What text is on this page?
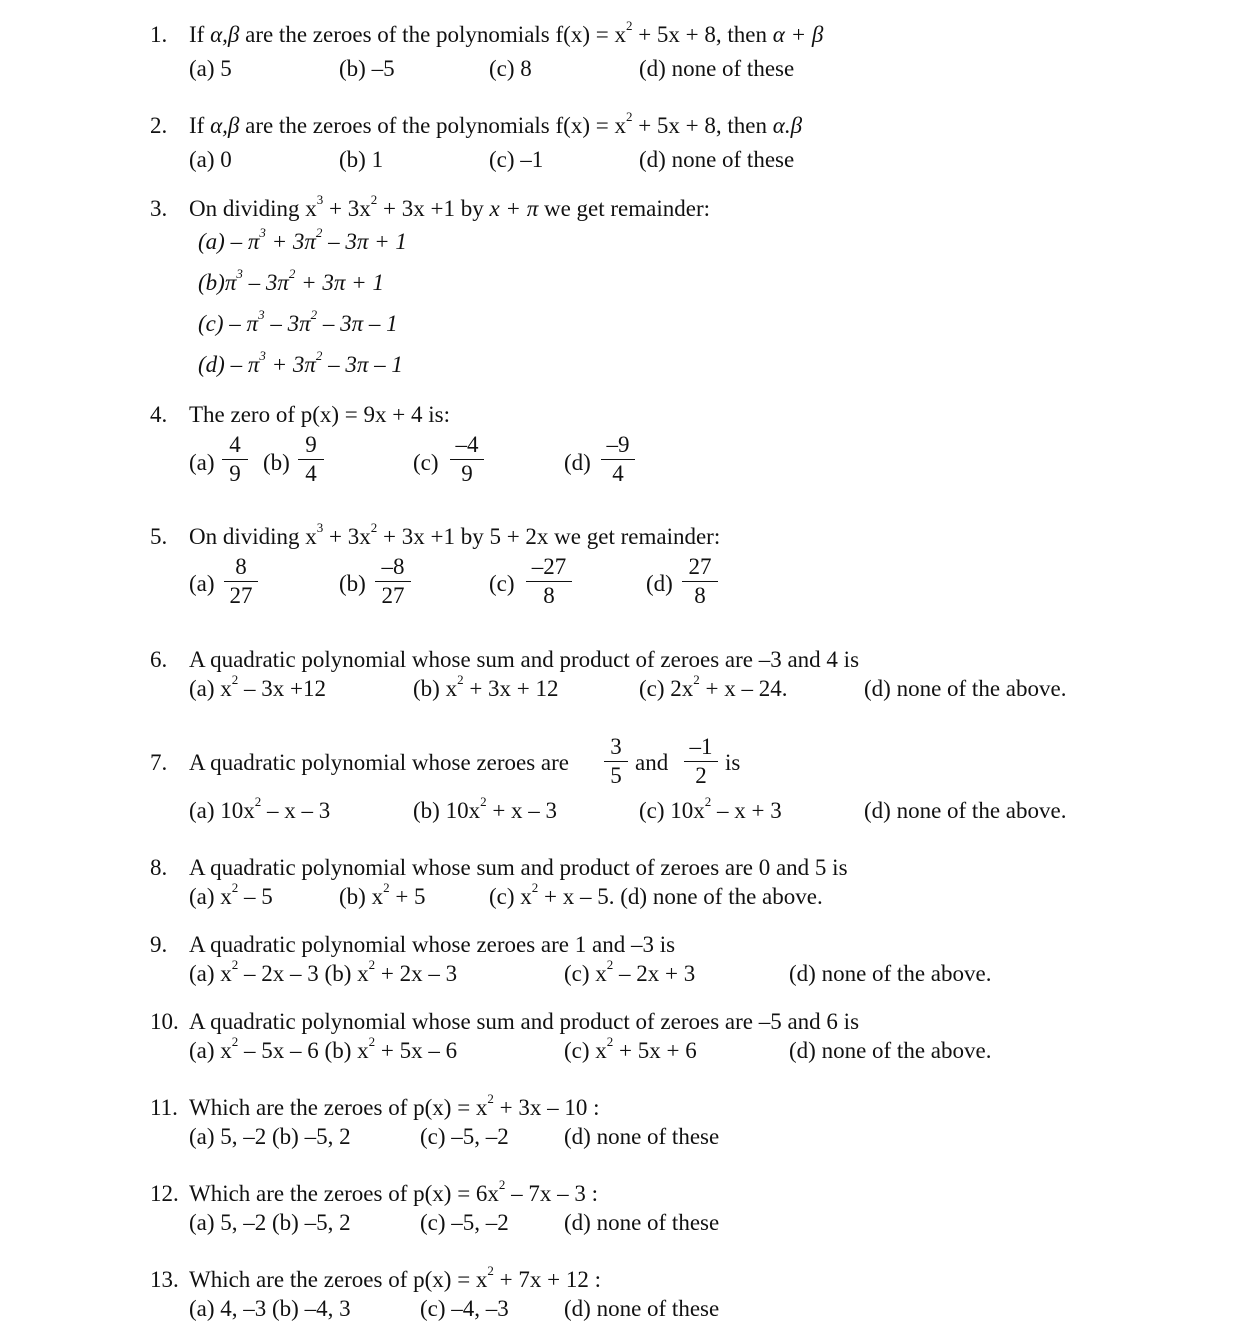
1. If α,β are the zeroes of the polynomials $f(x) = x^2 + 5x + 8$, then α + β
(a) 5	(b) –5	(c) 8	(d) none of these
2. If α,β are the zeroes of the polynomials $f(x) = x^2 + 5x + 8$, then α.β
(a) 0	(b) 1	(c) –1	(d) none of these
3. On dividing $x^3 + 3x^2 + 3x +1$ by x + π we get remainder:
$(a) - \pi^3 + 3\pi^2 - 3\pi + 1$
$(b)\pi^3 - 3\pi^2 + 3\pi + 1$
$(c) - \pi^3 - 3\pi^2 - 3\pi - 1$
$(d) - \pi^3 + 3\pi^2 - 3\pi - 1$
4. The zero of p(x) = 9x + 4 is:
(a)
4
9 (b)
9
4	(c)
–4
9	(d)
–9
4
5. On dividing $x^3 + 3x^2 + 3x +1$ by 5 + 2x we get remainder:
(a)
8
27	(b)
–8
27	(c)
–27
8	(d)
27
8
6. A quadratic polynomial whose sum and product of zeroes are –3 and 4 is
(a) $x^2 - 3x +12$	(b) $x^2 + 3x + 12$	(c) $2x^2 + x - 24$.	(d) none of the above.
7. A quadratic polynomial whose zeroes are
3
5
and
–1
2
is
(a) $10x^2$ – x – 3	(b) $10x^2 + x - 3$	(c) $10x^2 - x + 3$	(d) none of the above.
8. A quadratic polynomial whose sum and product of zeroes are 0 and 5 is
(a) $x^2 - 5$	(b) $x^2 + 5$	(c) $x^2 + x - 5$. (d) none of the above.
9. A quadratic polynomial whose zeroes are 1 and –3 is
(a) $x^2 - 2x - 3$ (b) $x^2 + 2x - 3$	(c) $x^2 - 2x + 3$	(d) none of the above.
10. A quadratic polynomial whose sum and product of zeroes are –5 and 6 is
(a) $x^2 - 5x - 6$ (b) $x^2 + 5x - 6$	(c) $x^2 + 5x + 6$	(d) none of the above.
11. Which are the zeroes of $p(x) = x^2 + 3x - 10$ :
(a) 5, –2 (b) –5, 2	(c) –5, –2 (d) none of these
12. Which are the zeroes of $p(x) = 6x^2 - 7x - 3$ :
(a) 5, –2 (b) –5, 2	(c) –5, –2 (d) none of these
13. Which are the zeroes of $p(x) = x^2 + 7x + 12$ :
(a) 4, –3 (b) –4, 3	(c) –4, –3 (d) none of these
